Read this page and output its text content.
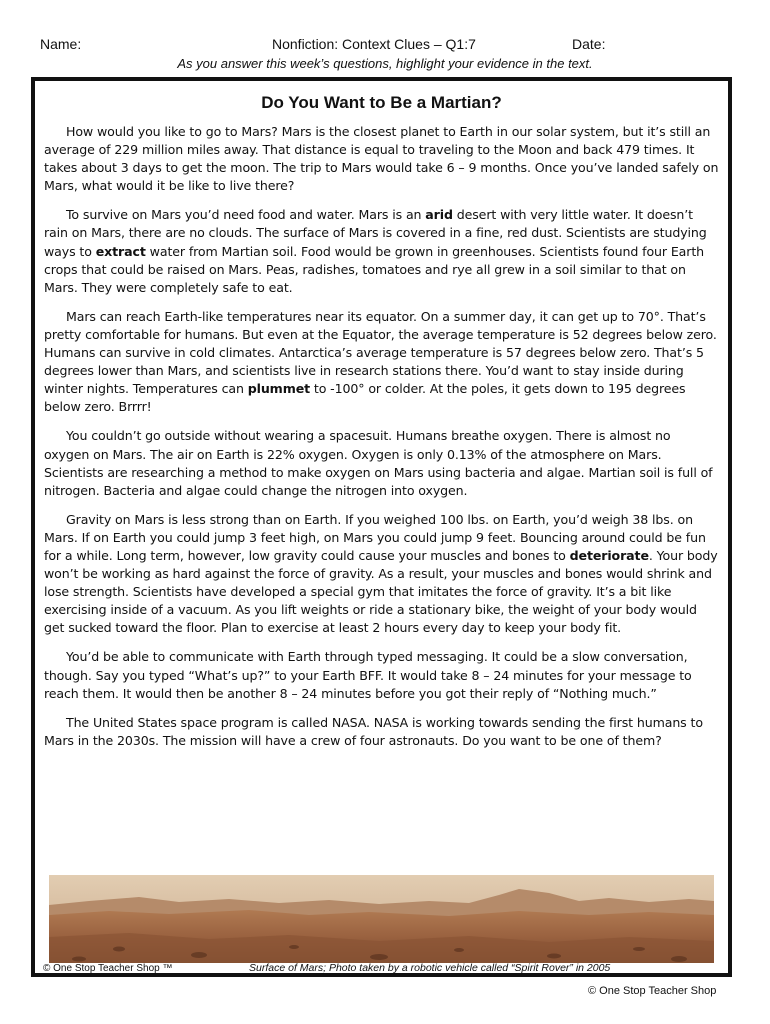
Name:	Nonfiction: Context Clues – Q1:7	Date:
As you answer this week’s questions, highlight your evidence in the text.
Do You Want to Be a Martian?

How would you like to go to Mars? Mars is the closest planet to Earth in our solar system, but it’s still an average of 229 million miles away. That distance is equal to traveling to the Moon and back 479 times. It takes about 3 days to get the moon. The trip to Mars would take 6 – 9 months. Once you’ve landed safely on Mars, what would it be like to live there?

To survive on Mars you’d need food and water. Mars is an arid desert with very little water. It doesn’t rain on Mars, there are no clouds. The surface of Mars is covered in a fine, red dust. Scientists are studying ways to extract water from Martian soil. Food would be grown in greenhouses. Scientists found four Earth crops that could be raised on Mars. Peas, radishes, tomatoes and rye all grew in a soil similar to that on Mars. They were completely safe to eat.

Mars can reach Earth-like temperatures near its equator. On a summer day, it can get up to 70°. That’s pretty comfortable for humans. But even at the Equator, the average temperature is 52 degrees below zero. Humans can survive in cold climates. Antarctica’s average temperature is 57 degrees below zero. That’s 5 degrees lower than Mars, and scientists live in research stations there. You’d want to stay inside during winter nights. Temperatures can plummet to -100° or colder. At the poles, it gets down to 195 degrees below zero. Brrrr!

You couldn’t go outside without wearing a spacesuit. Humans breathe oxygen. There is almost no oxygen on Mars. The air on Earth is 22% oxygen. Oxygen is only 0.13% of the atmosphere on Mars. Scientists are researching a method to make oxygen on Mars using bacteria and algae. Martian soil is full of nitrogen. Bacteria and algae could change the nitrogen into oxygen.

Gravity on Mars is less strong than on Earth. If you weighed 100 lbs. on Earth, you’d weigh 38 lbs. on Mars. If on Earth you could jump 3 feet high, on Mars you could jump 9 feet. Bouncing around could be fun for a while. Long term, however, low gravity could cause your muscles and bones to deteriorate. Your body won’t be working as hard against the force of gravity. As a result, your muscles and bones would shrink and lose strength. Scientists have developed a special gym that imitates the force of gravity. It’s a bit like exercising inside of a vacuum. As you lift weights or ride a stationary bike, the weight of your body would get sucked toward the floor. Plan to exercise at least 2 hours every day to keep your body fit.

You’d be able to communicate with Earth through typed messaging. It could be a slow conversation, though. Say you typed “What’s up?” to your Earth BFF. It would take 8 – 24 minutes for your message to reach them. It would then be another 8 – 24 minutes before you got their reply of “Nothing much.”

The United States space program is called NASA. NASA is working towards sending the first humans to Mars in the 2030s. The mission will have a crew of four astronauts. Do you want to be one of them?

© One Stop Teacher Shop ™	Surface of Mars; Photo taken by a robotic vehicle called “Spirit Rover” in 2005
© One Stop Teacher Shop
